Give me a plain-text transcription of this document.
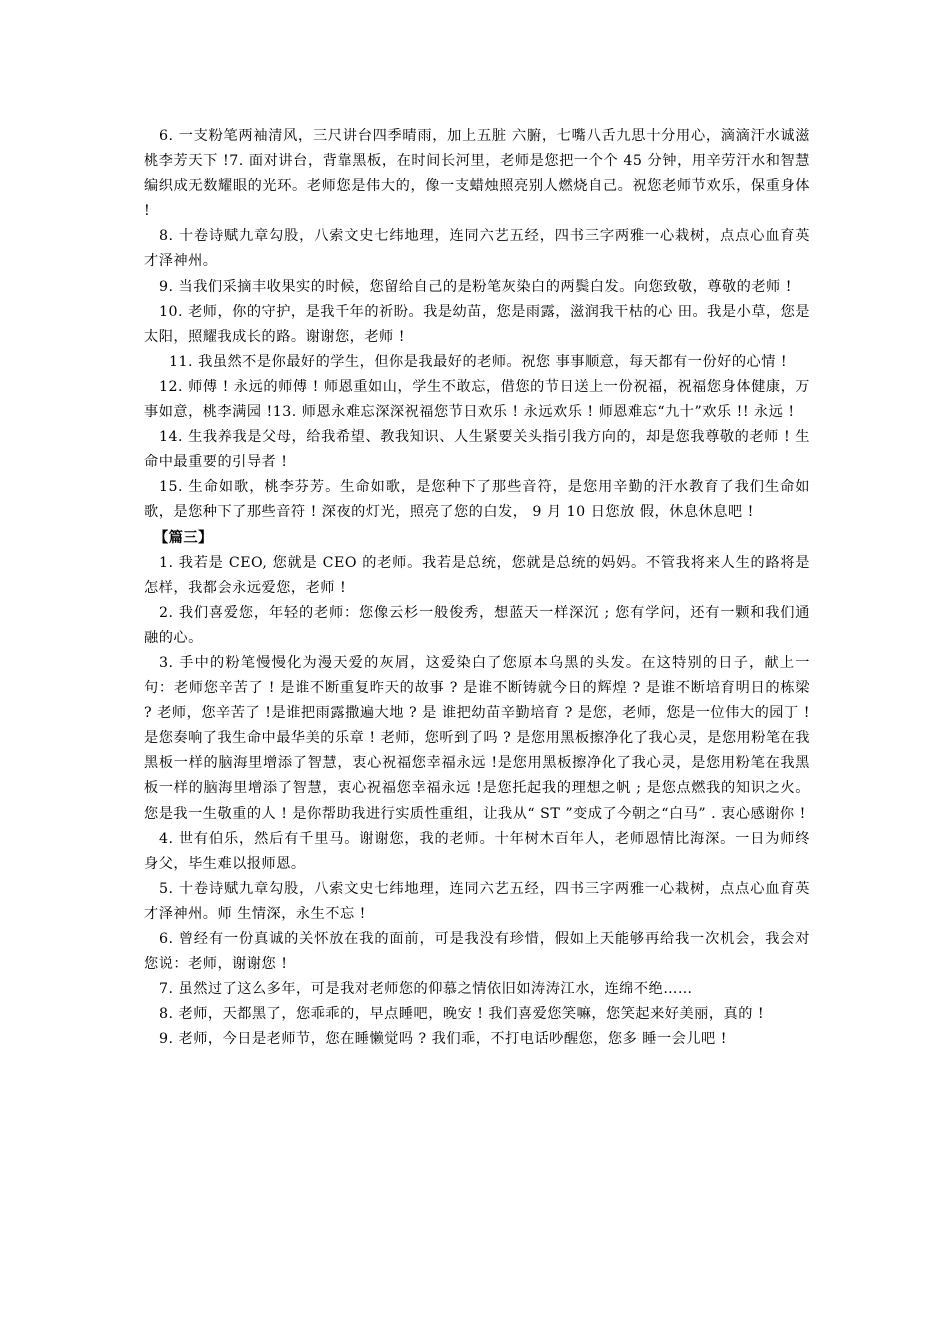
6. 一支粉笔两袖清风，三尺讲台四季晴雨，加上五脏 六腑，七嘴八舌九思十分用心，滴滴汗水诚滋桃李芳天下 !7. 面对讲台，背靠黑板，在时间长河里，老师是您把一个个 45 分钟，用辛劳汗水和智慧编织成无数耀眼的光环。老师您是伟大的，像一支蜡烛照亮别人燃烧自己。祝您老师节欢乐，保重身体 !

8. 十卷诗赋九章勾股，八索文史七纬地理，连同六艺五经，四书三字两雅一心栽树，点点心血育英才泽神州。

9. 当我们采摘丰收果实的时候，您留给自己的是粉笔灰染白的两鬓白发。向您致敬，尊敬的老师 !

10. 老师，你的守护，是我千年的祈盼。我是幼苗，您是雨露，滋润我干枯的心 田。我是小草，您是太阳，照耀我成长的路。谢谢您，老师 !

11. 我虽然不是你最好的学生，但你是我最好的老师。祝您 事事顺意，每天都有一份好的心情 !

12. 师傅 ! 永远的师傅 ! 师恩重如山，学生不敢忘，借您的节日送上一份祝福，祝福您身体健康，万事如意，桃李满园 !13. 师恩永难忘深深祝福您节日欢乐 ! 永远欢乐 ! 师恩难忘“九十”欢乐 !! 永远 !

14. 生我养我是父母，给我希望、教我知识、人生紧要关头指引我方向的，却是您我尊敬的老师 ! 生命中最重要的引导者 !

15. 生命如歌，桃李芬芳。生命如歌，是您种下了那些音符，是您用辛勤的汗水教育了我们生命如歌，是您种下了那些音符 ! 深夜的灯光，照亮了您的白发， 9 月 10 日您放 假，休息休息吧 !

【篇三】

1. 我若是 CEO, 您就是 CEO 的老师。我若是总统，您就是总统的妈妈。不管我将来人生的路将是怎样，我都会永远爱您，老师 !

2. 我们喜爱您，年轻的老师：您像云杉一般俊秀，想蓝天一样深沉 ; 您有学问，还有一颗和我们通融的心。

3. 手中的粉笔慢慢化为漫天爱的灰屑，这爱染白了您原本乌黑的头发。在这特别的日子，献上一句：老师您辛苦了 ! 是谁不断重复昨天的故事 ? 是谁不断铸就今日的辉煌 ? 是谁不断培育明日的栋梁 ? 老师，您辛苦了 !是谁把雨露撒遍大地 ? 是 谁把幼苗辛勤培育 ? 是您，老师，您是一位伟大的园丁 ! 是您奏响了我生命中最华美的乐章 ! 老师，您听到了吗 ? 是您用黑板擦净化了我心灵，是您用粉笔在我黑板一样的脑海里增添了智慧，衷心祝福您幸福永远 !是您用黑板擦净化了我心灵，是您用粉笔在我黑板一样的脑海里增添了智慧，衷心祝福您幸福永远 !是您托起我的理想之帆 ; 是您点燃我的知识之火。您是我一生敬重的人 ! 是你帮助我进行实质性重组，让我从“ ST ”变成了今朝之“白马” . 衷心感谢你 !

4. 世有伯乐，然后有千里马。谢谢您，我的老师。十年树木百年人，老师恩情比海深。一日为师终 身父，毕生难以报师恩。

5. 十卷诗赋九章勾股，八索文史七纬地理，连同六艺五经，四书三字两雅一心栽树，点点心血育英才泽神州。师 生情深，永生不忘 !

6. 曾经有一份真诚的关怀放在我的面前，可是我没有珍惜，假如上天能够再给我一次机会，我会对您说：老师，谢谢您 !

7. 虽然过了这么多年，可是我对老师您的仰慕之情依旧如涛涛江水，连绵不绝……

8. 老师，天都黑了，您乖乖的，早点睡吧，晚安 ! 我们喜爱您笑嘛，您笑起来好美丽，真的 !

9. 老师，今日是老师节，您在睡懒觉吗 ? 我们乖，不打电话吵醒您，您多 睡一会儿吧 !
